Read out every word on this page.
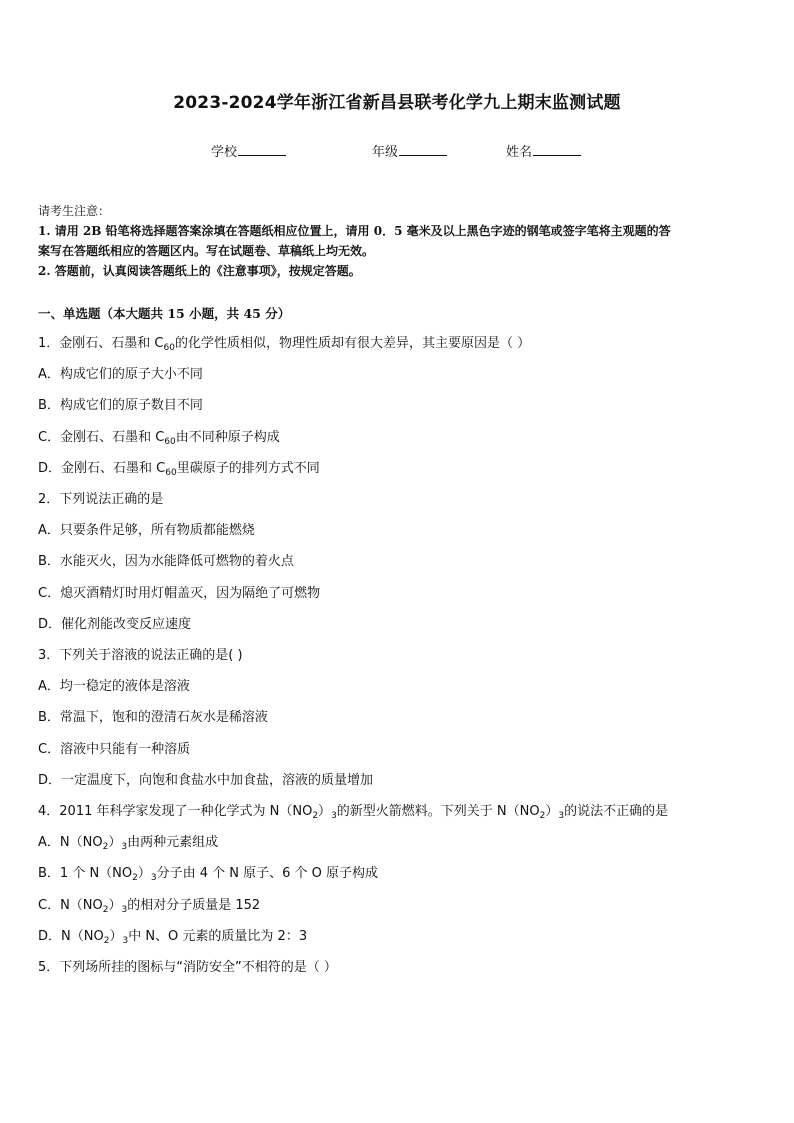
2023-2024学年浙江省新昌县联考化学九上期末监测试题
学校	年级	姓名
请考生注意：
1. 请用 2B 铅笔将选择题答案涂填在答题纸相应位置上，请用 0．5 毫米及以上黑色字迹的钢笔或签字笔将主观题的答
案写在答题纸相应的答题区内。写在试题卷、草稿纸上均无效。
2. 答题前，认真阅读答题纸上的《注意事项》，按规定答题。
一、单选题（本大题共 15 小题，共 45 分）
1．金刚石、石墨和 $C_{60}$的化学性质相似，物理性质却有很大差异，其主要原因是（ ）
A．构成它们的原子大小不同
B．构成它们的原子数目不同
C．金刚石、石墨和 $C_{60}$由不同种原子构成
D．金刚石、石墨和 $C_{60}$里碳原子的排列方式不同
2．下列说法正确的是
A．只要条件足够，所有物质都能燃烧
B．水能灭火，因为水能降低可燃物的着火点
C．熄灭酒精灯时用灯帽盖灭，因为隔绝了可燃物
D．催化剂能改变反应速度
3．下列关于溶液的说法正确的是( )
A．均一稳定的液体是溶液
B．常温下，饱和的澄清石灰水是稀溶液
C．溶液中只能有一种溶质
D．一定温度下，向饱和食盐水中加食盐，溶液的质量增加
4．2011 年科学家发现了一种化学式为 $N(NO_2)_3$的新型火箭燃料。下列关于 $N(NO_2)_3$的说法不正确的是
A．$N(NO_2)_3$由两种元素组成
B．1 个 $N(NO_2)_3$分子由 4 个 N 原子、6 个 O 原子构成
C．$N(NO_2)_3$的相对分子质量是 152
D．$N(NO_2)_3$中 N、O 元素的质量比为 2：3
5．下列场所挂的图标与“消防安全”不相符的是（ ）
